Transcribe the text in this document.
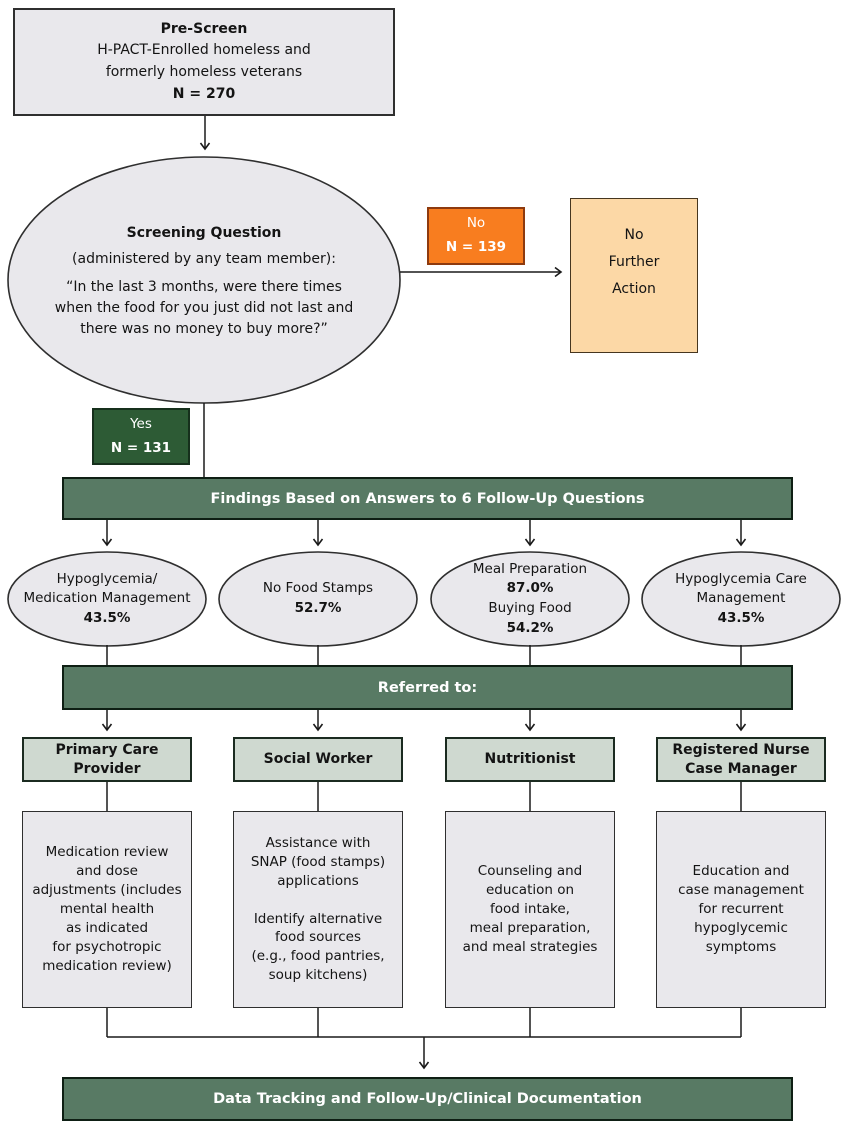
Pre-Screen
H-PACT-Enrolled homeless and
formerly homeless veterans
N = 270
Screening Question
(administered by any team member):
“In the last 3 months, were there times
when the food for you just did not last and
there was no money to buy more?”
No
N = 139
No
Further
Action
Yes
N = 131
Findings Based on Answers to 6 Follow-Up Questions
Hypoglycemia/
Medication Management
43.5%
No Food Stamps
52.7%
Meal Preparation
87.0%
Buying Food
54.2%
Hypoglycemia Care
Management
43.5%
Referred to:
Primary Care
Provider
Social Worker	Nutritionist
Registered Nurse
Case Manager
Medication review
and dose
adjustments (includes
mental health
as indicated
for psychotropic
medication review)
Assistance with
SNAP (food stamps)
applications

Identify alternative
food sources
(e.g., food pantries,
soup kitchens)
Counseling and
education on
food intake,
meal preparation,
and meal strategies
Education and
case management
for recurrent
hypoglycemic
symptoms
Data Tracking and Follow-Up/Clinical Documentation
